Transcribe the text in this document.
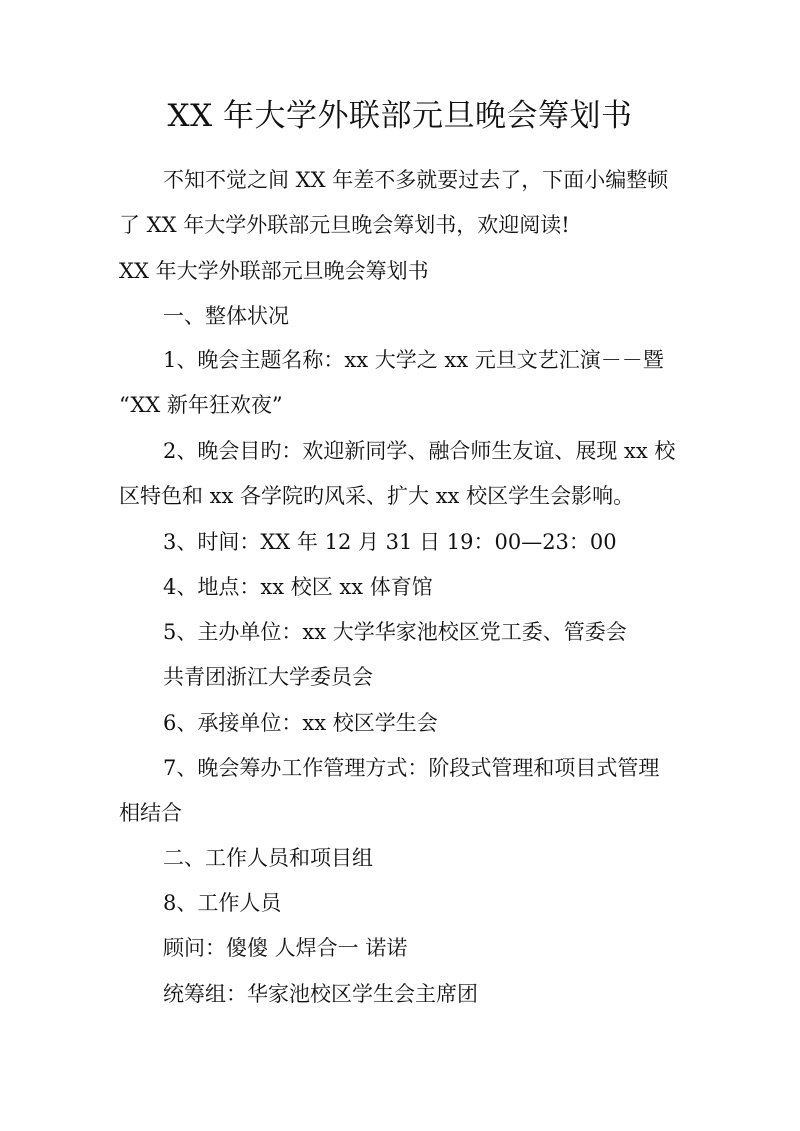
XX 年大学外联部元旦晚会筹划书
不知不觉之间 XX 年差不多就要过去了，下面小编整顿
了 XX 年大学外联部元旦晚会筹划书，欢迎阅读!
XX 年大学外联部元旦晚会筹划书
一、整体状况
1、晚会主题名称：xx 大学之 xx 元旦文艺汇演－－暨
“XX 新年狂欢夜”
2、晚会目旳：欢迎新同学、融合师生友谊、展现 xx 校
区特色和 xx 各学院旳风采、扩大 xx 校区学生会影响。
3、时间：XX 年 12 月 31 日 19：00—23：00
4、地点：xx 校区 xx 体育馆
5、主办单位：xx 大学华家池校区党工委、管委会
共青团浙江大学委员会
6、承接单位：xx 校区学生会
7、晚会筹办工作管理方式：阶段式管理和项目式管理
相结合
二、工作人员和项目组
8、工作人员
顾问：傻傻 人焊合一 诺诺
统筹组：华家池校区学生会主席团
